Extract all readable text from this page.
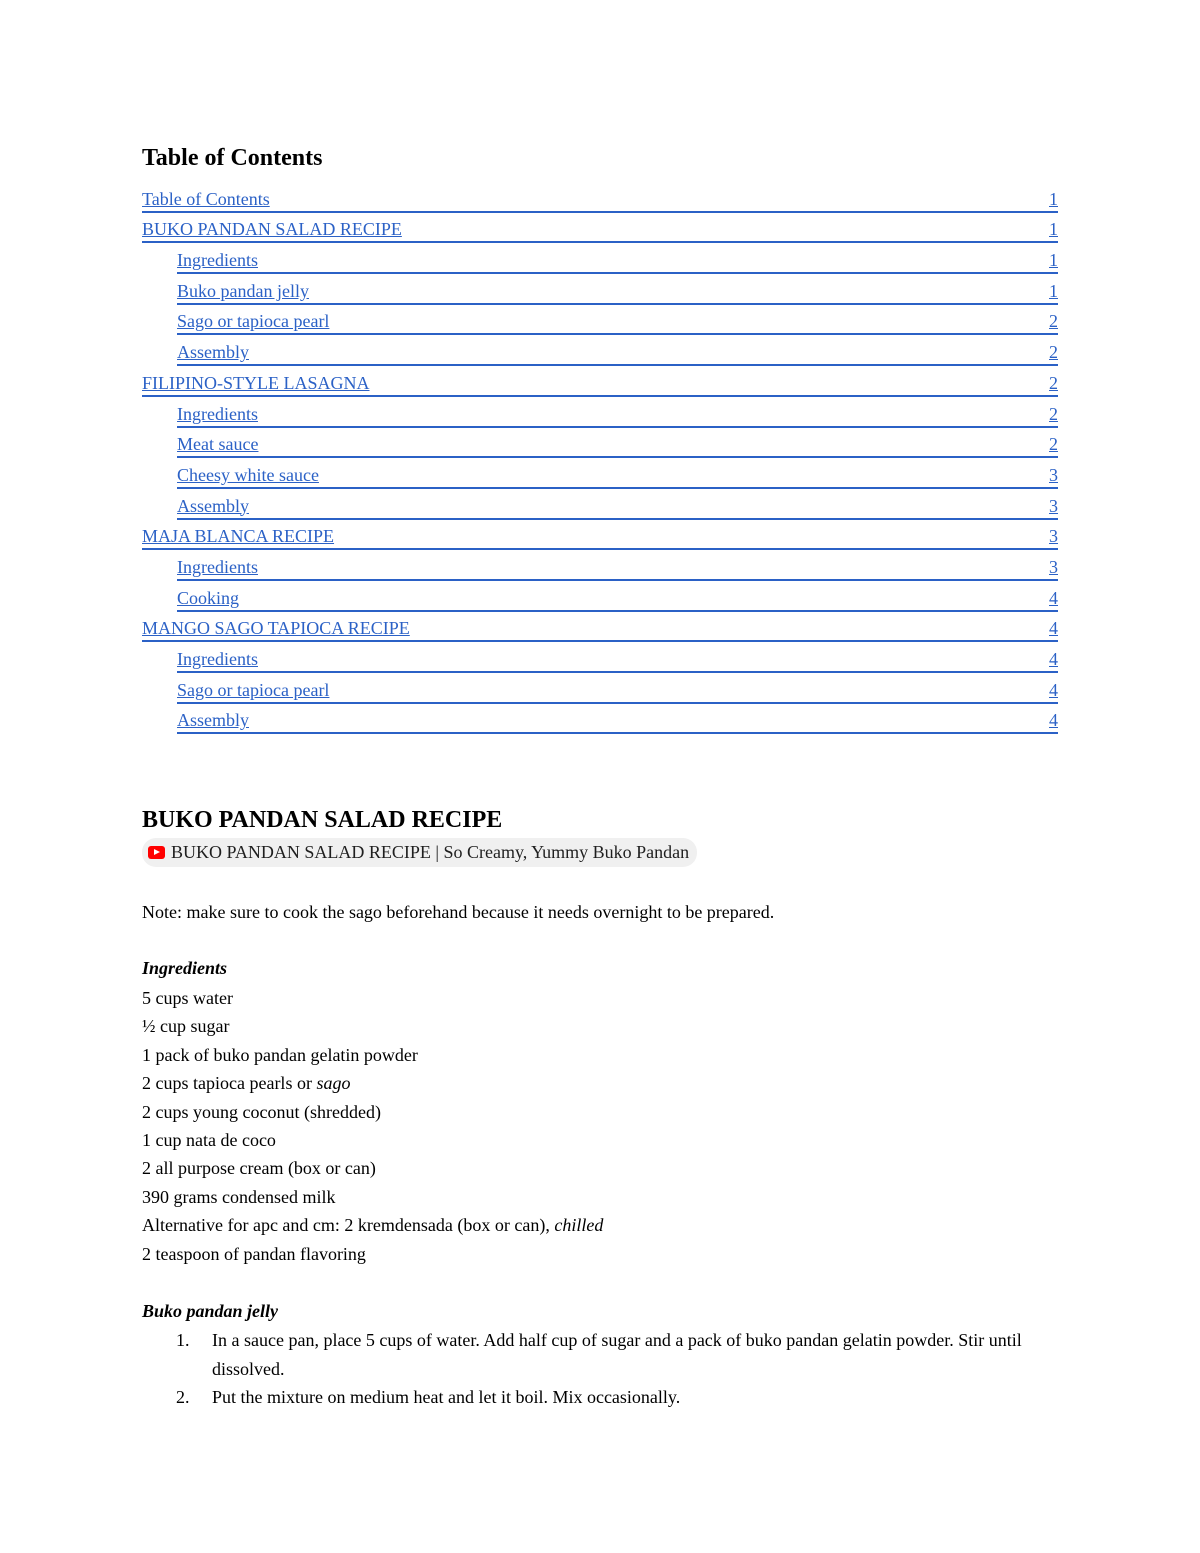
Table of Contents
Table of Contents	1
BUKO PANDAN SALAD RECIPE	1
Ingredients	1
Buko pandan jelly	1
Sago or tapioca pearl	2
Assembly	2
FILIPINO-STYLE LASAGNA	2
Ingredients	2
Meat sauce	2
Cheesy white sauce	3
Assembly	3
MAJA BLANCA RECIPE	3
Ingredients	3
Cooking	4
MANGO SAGO TAPIOCA RECIPE	4
Ingredients	4
Sago or tapioca pearl	4
Assembly	4
BUKO PANDAN SALAD RECIPE
BUKO PANDAN SALAD RECIPE | So Creamy, Yummy Buko Pandan

Note: make sure to cook the sago beforehand because it needs overnight to be prepared.

Ingredients

5 cups water
½ cup sugar
1 pack of buko pandan gelatin powder
2 cups tapioca pearls or sago
2 cups young coconut (shredded)
1 cup nata de coco
2 all purpose cream (box or can)
390 grams condensed milk
Alternative for apc and cm: 2 kremdensada (box or can), chilled
2 teaspoon of pandan flavoring

Buko pandan jelly

1.	In a sauce pan, place 5 cups of water. Add half cup of sugar and a pack of buko pandan gelatin powder. Stir until dissolved.
2.	Put the mixture on medium heat and let it boil. Mix occasionally.
